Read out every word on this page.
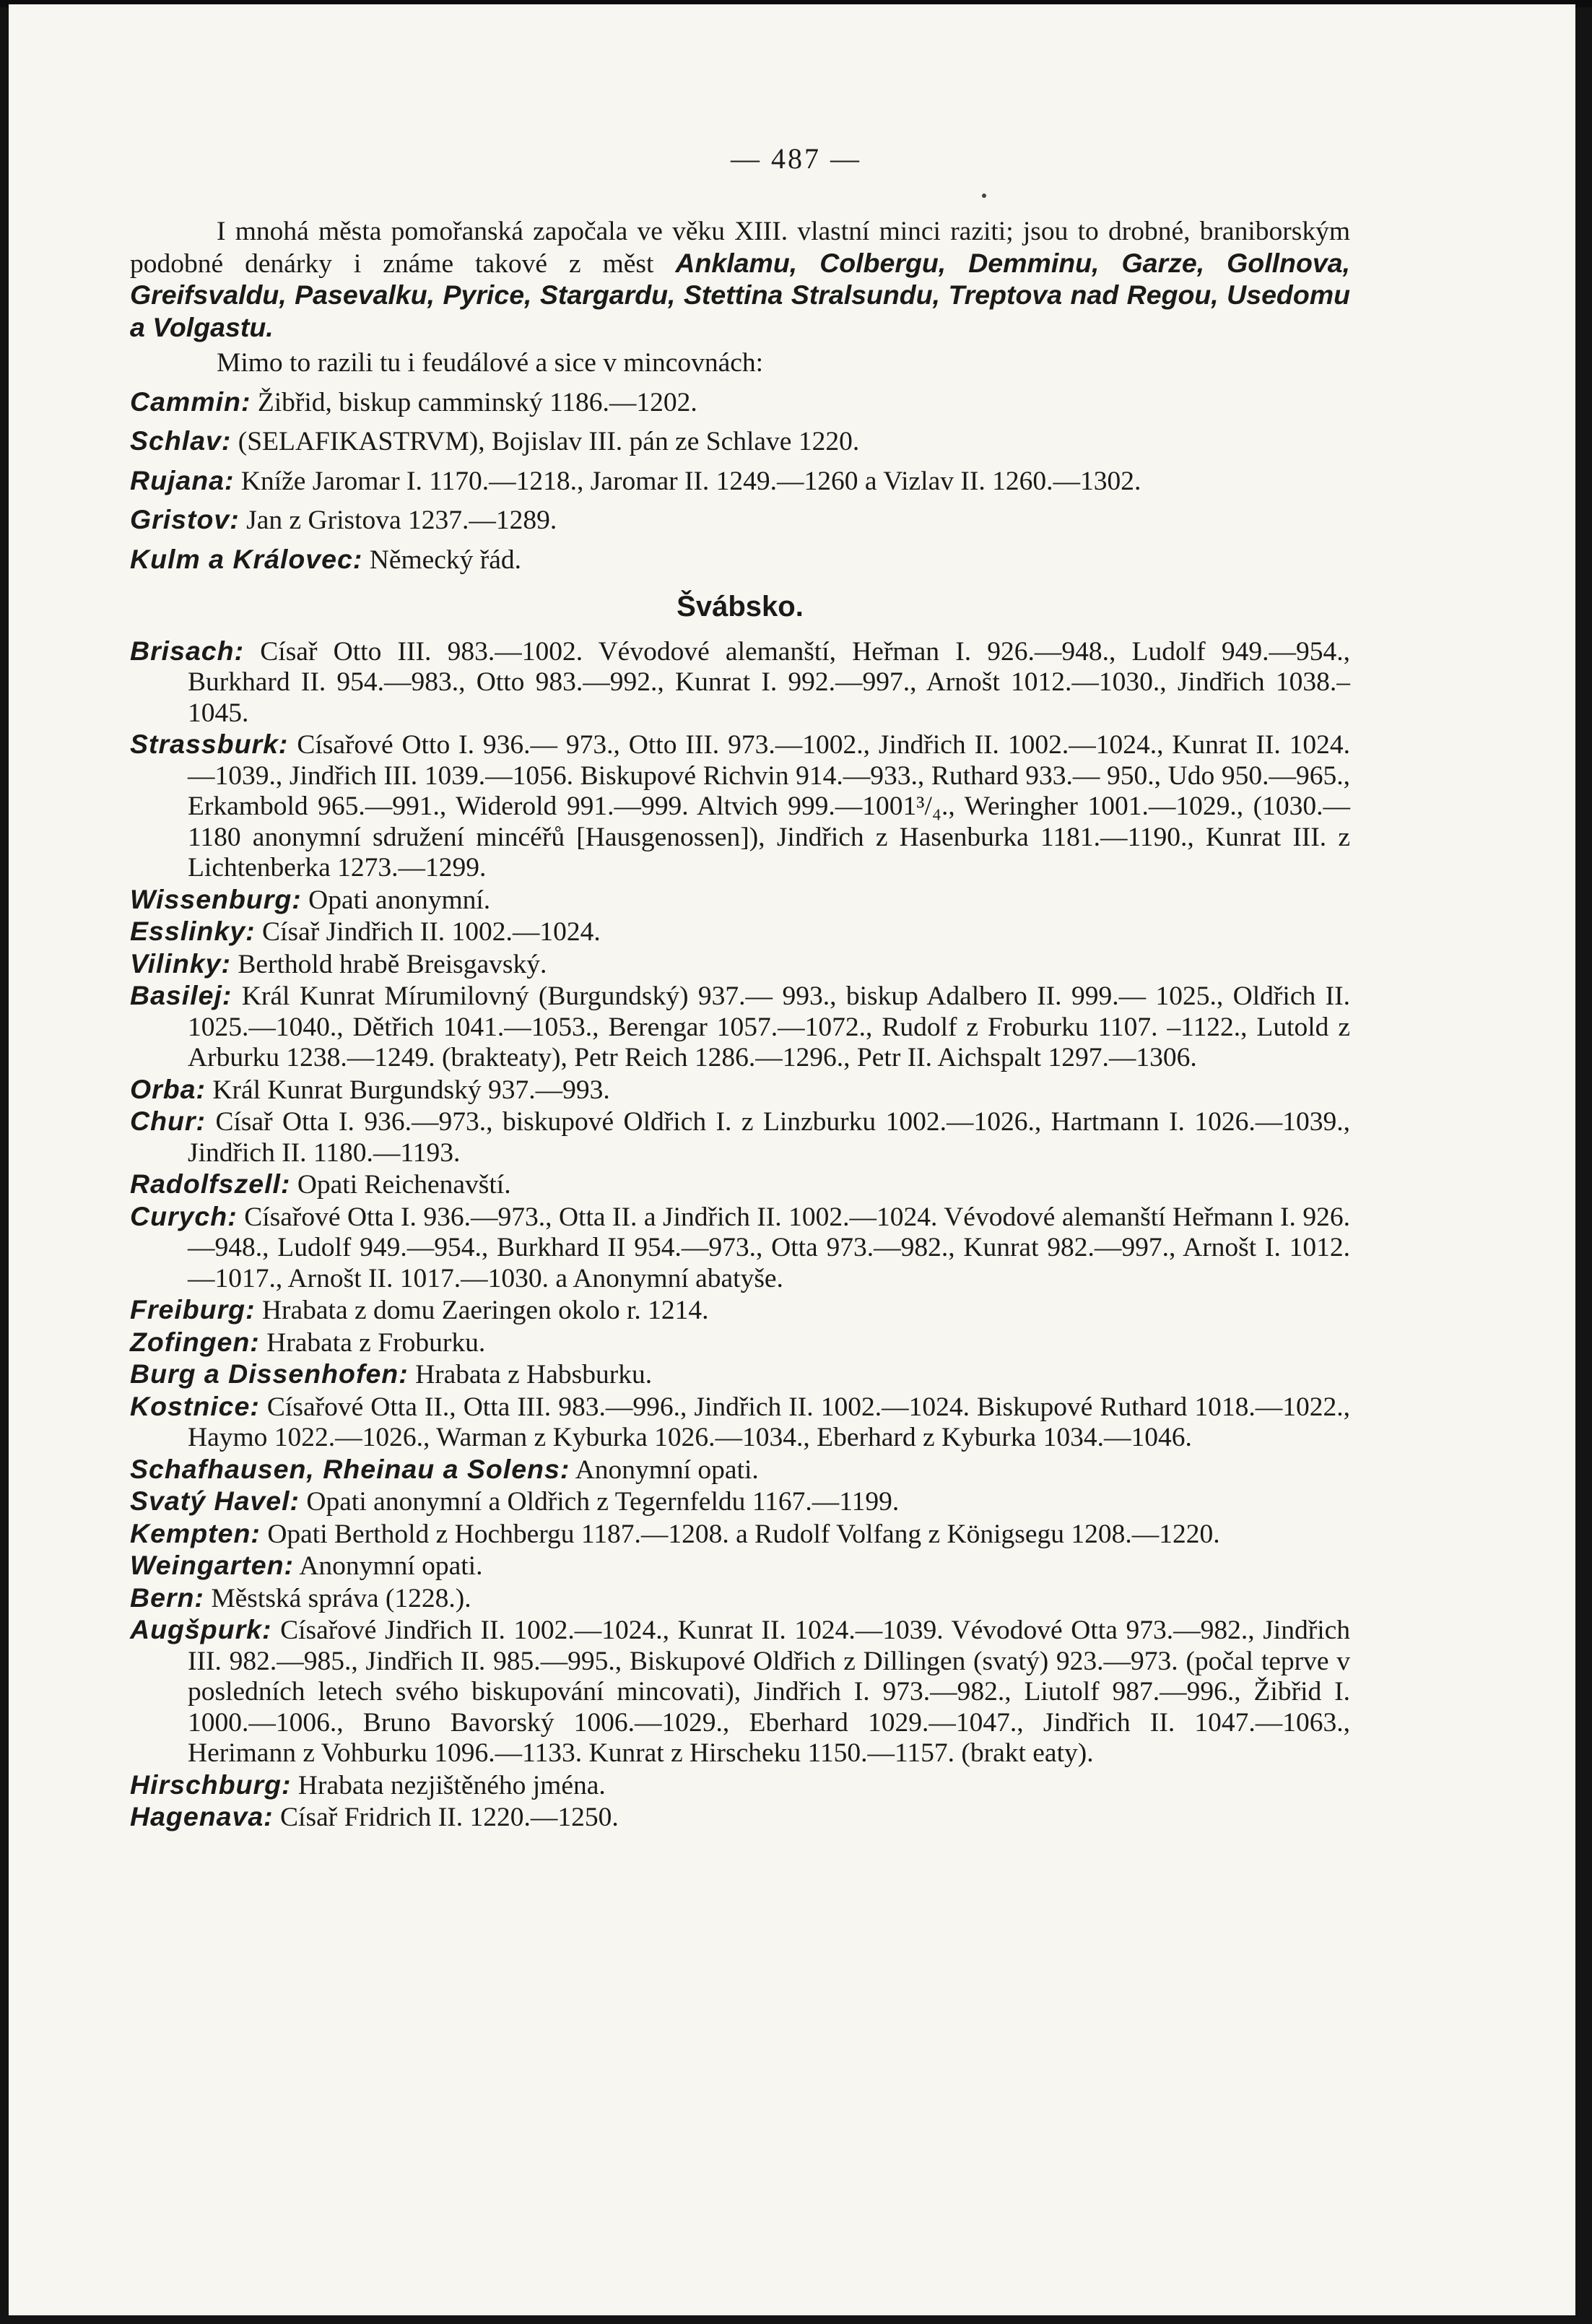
— 487 —

I mnohá města pomořanská započala ve věku XIII. vlastní minci raziti; jsou to drobné, braniborským podobné denárky i známe takové z měst Anklamu, Colbergu, Demminu, Garze, Gollnova, Greifsvaldu, Pasevalku, Pyrice, Stargardu, Stettina Stralsundu, Treptova nad Regou, Usedomu a Volgastu.

Mimo to razili tu i feudálové a sice v mincovnách:

Cammin: Žibřid, biskup camminský 1186.—1202.
Schlav: (SELAFIKASTRVM), Bojislav III. pán ze Schlave 1220.
Rujana: Kníže Jaromar I. 1170.—1218., Jaromar II. 1249.—1260 a Vizlav II. 1260.—1302.
Gristov: Jan z Gristova 1237.—1289.
Kulm a Královec: Německý řád.
Švábsko.
Brisach: Císař Otto III. 983.—1002. Vévodové alemanští, Heřman I. 926.—948., Ludolf 949.—954., Burkhard II. 954.—983., Otto 983.—992., Kunrat I. 992.—997., Arnošt 1012.—1030., Jindřich 1038.– 1045.
Strassburk: Císařové Otto I. 936.— 973., Otto III. 973.—1002., Jindřich II. 1002.—1024., Kunrat II. 1024.—1039., Jindřich III. 1039.—1056. Biskupové Richvin 914.—933., Ruthard 933.— 950., Udo 950.—965., Erkambold 965.—991., Widerold 991.—999. Altvich 999.—1001³/₄., Weringher 1001.—1029., (1030.—1180 anonymní sdružení mincéřů [Hausgenossen]), Jindřich z Hasenburka 1181.—1190., Kunrat III. z Lichtenberka 1273.—1299.
Wissenburg: Opati anonymní.
Esslinky: Císař Jindřich II. 1002.—1024.
Vilinky: Berthold hrabě Breisgavský.
Basilej: Král Kunrat Mírumilovný (Burgundský) 937.— 993., biskup Adalbero II. 999.— 1025., Oldřich II. 1025.—1040., Dětřich 1041.—1053., Berengar 1057.—1072., Rudolf z Froburku 1107. –1122., Lutold z Arburku 1238.—1249. (brakteaty), Petr Reich 1286.—1296., Petr II. Aichspalt 1297.—1306.
Orba: Král Kunrat Burgundský 937.—993.
Chur: Císař Otta I. 936.—973., biskupové Oldřich I. z Linzburku 1002.—1026., Hartmann I. 1026.—1039., Jindřich II. 1180.—1193.
Radolfszell: Opati Reichenavští.
Curych: Císařové Otta I. 936.—973., Otta II. a Jindřich II. 1002.—1024. Vévodové alemanští Heřmann I. 926.—948., Ludolf 949.—954., Burkhard II 954.—973., Otta 973.—982., Kunrat 982.—997., Arnošt I. 1012.—1017., Arnošt II. 1017.—1030. a Anonymní abatyše.
Freiburg: Hrabata z domu Zaeringen okolo r. 1214.
Zofingen: Hrabata z Froburku.
Burg a Dissenhofen: Hrabata z Habsburku.
Kostnice: Císařové Otta II., Otta III. 983.—996., Jindřich II. 1002.—1024. Biskupové Ruthard 1018.—1022., Haymo 1022.—1026., Warman z Kyburka 1026.—1034., Eberhard z Kyburka 1034.—1046.
Schafhausen, Rheinau a Solens: Anonymní opati.
Svatý Havel: Opati anonymní a Oldřich z Tegernfeldu 1167.—1199.
Kempten: Opati Berthold z Hochbergu 1187.—1208. a Rudolf Volfang z Königsegu 1208.—1220.
Weingarten: Anonymní opati.
Bern: Městská správa (1228.).
Augšpurk: Císařové Jindřich II. 1002.—1024., Kunrat II. 1024.—1039. Vévodové Otta 973.—982., Jindřich III. 982.—985., Jindřich II. 985.—995., Biskupové Oldřich z Dillingen (svatý) 923.—973. (počal teprve v posledních letech svého biskupování mincovati), Jindřich I. 973.—982., Liutolf 987.—996., Žibřid I. 1000.—1006., Bruno Bavorský 1006.—1029., Eberhard 1029.—1047., Jindřich II. 1047.—1063., Herimann z Vohburku 1096.—1133. Kunrat z Hirscheku 1150.—1157. (brakt eaty).
Hirschburg: Hrabata nezjištěného jména.
Hagenava: Císař Fridrich II. 1220.—1250.
